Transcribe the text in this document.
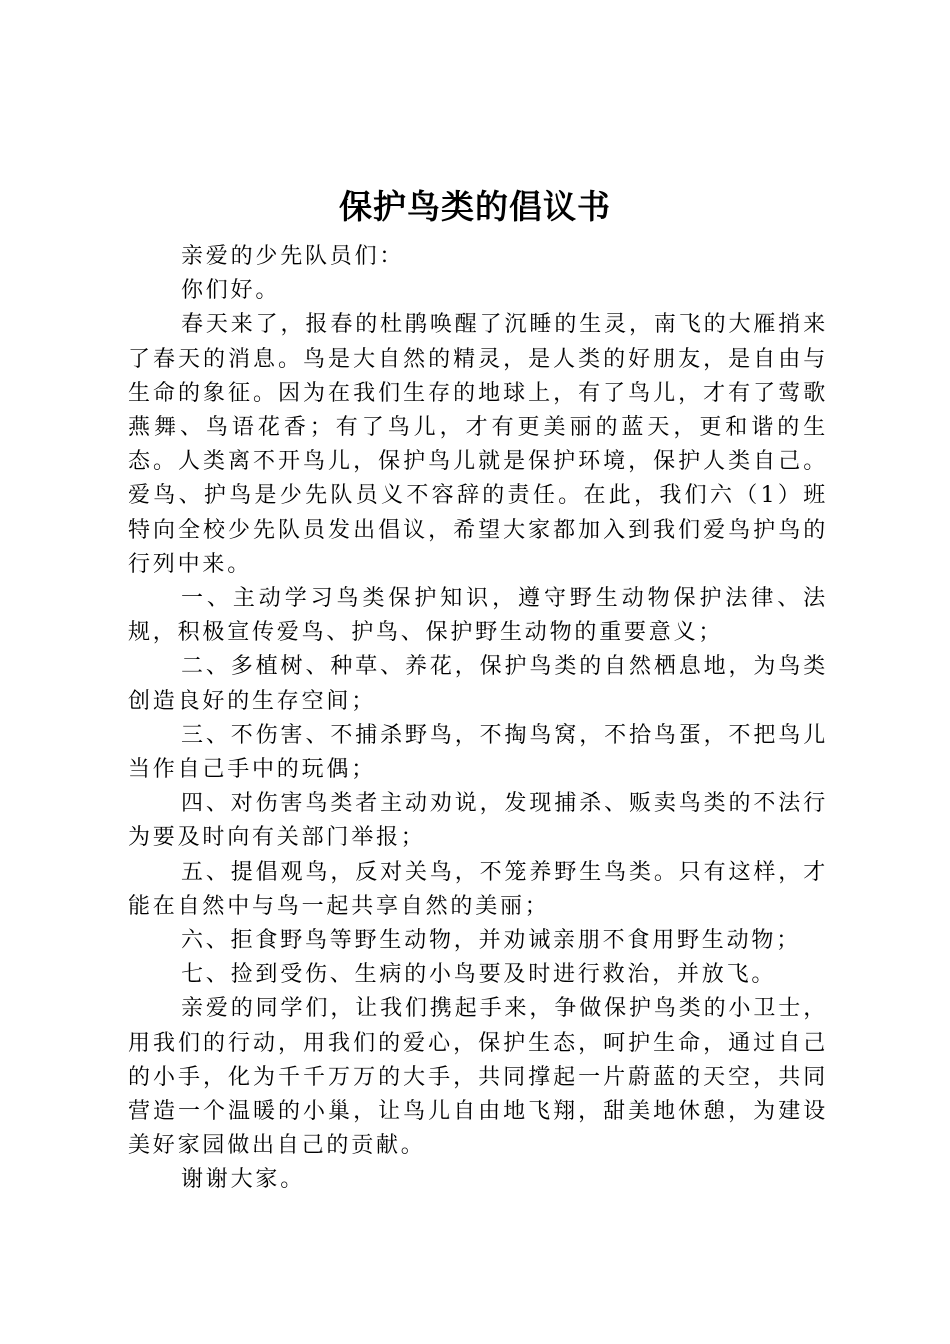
保护鸟类的倡议书

亲爱的少先队员们：

你们好。

春天来了，报春的杜鹃唤醒了沉睡的生灵，南飞的大雁捎来了春天的消息。鸟是大自然的精灵，是人类的好朋友，是自由与生命的象征。因为在我们生存的地球上，有了鸟儿，才有了莺歌燕舞、鸟语花香；有了鸟儿，才有更美丽的蓝天，更和谐的生态。人类离不开鸟儿，保护鸟儿就是保护环境，保护人类自己。爱鸟、护鸟是少先队员义不容辞的责任。在此，我们六（1）班特向全校少先队员发出倡议，希望大家都加入到我们爱鸟护鸟的行列中来。

一、主动学习鸟类保护知识，遵守野生动物保护法律、法规，积极宣传爱鸟、护鸟、保护野生动物的重要意义；

二、多植树、种草、养花，保护鸟类的自然栖息地，为鸟类创造良好的生存空间；

三、不伤害、不捕杀野鸟，不掏鸟窝，不拾鸟蛋，不把鸟儿当作自己手中的玩偶；

四、对伤害鸟类者主动劝说，发现捕杀、贩卖鸟类的不法行为要及时向有关部门举报；

五、提倡观鸟，反对关鸟，不笼养野生鸟类。只有这样，才能在自然中与鸟一起共享自然的美丽；

六、拒食野鸟等野生动物，并劝诫亲朋不食用野生动物；

七、捡到受伤、生病的小鸟要及时进行救治，并放飞。

亲爱的同学们，让我们携起手来，争做保护鸟类的小卫士，用我们的行动，用我们的爱心，保护生态，呵护生命，通过自己的小手，化为千千万万的大手，共同撑起一片蔚蓝的天空，共同营造一个温暖的小巢，让鸟儿自由地飞翔，甜美地休憩，为建设美好家园做出自己的贡献。

谢谢大家。
